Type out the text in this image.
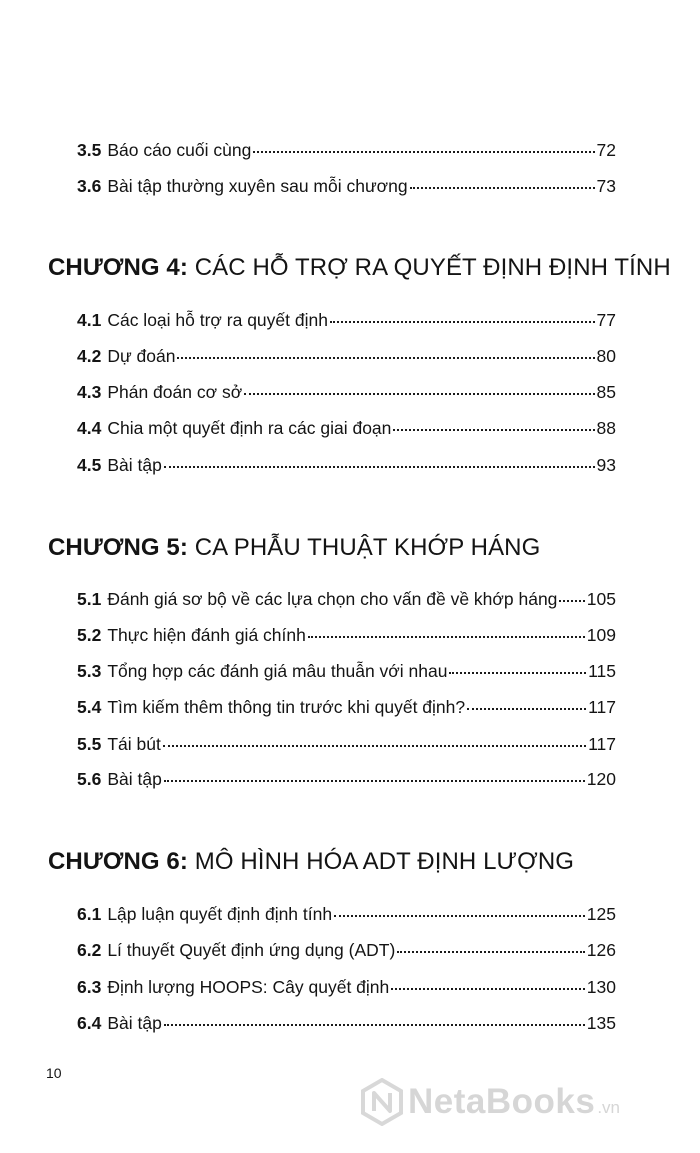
3.5 Báo cáo cuối cùng	72
3.6 Bài tập thường xuyên sau mỗi chương	73
CHƯƠNG 4: CÁC HỖ TRỢ RA QUYẾT ĐỊNH ĐỊNH TÍNH
4.1 Các loại hỗ trợ ra quyết định	77
4.2 Dự đoán	80
4.3 Phán đoán cơ sở	85
4.4 Chia một quyết định ra các giai đoạn	88
4.5 Bài tập	93
CHƯƠNG 5: CA PHẪU THUẬT KHỚP HÁNG
5.1 Đánh giá sơ bộ về các lựa chọn cho vấn đề về khớp háng 105
5.2 Thực hiện đánh giá chính	109
5.3 Tổng hợp các đánh giá mâu thuẫn với nhau	115
5.4 Tìm kiếm thêm thông tin trước khi quyết định?	117
5.5 Tái bút	117
5.6 Bài tập	120
CHƯƠNG 6: MÔ HÌNH HÓA ADT ĐỊNH LƯỢNG
6.1 Lập luận quyết định định tính	125
6.2 Lí thuyết Quyết định ứng dụng (ADT)	126
6.3 Định lượng HOOPS: Cây quyết định	130
6.4 Bài tập	135
10
NetaBooks .vn
